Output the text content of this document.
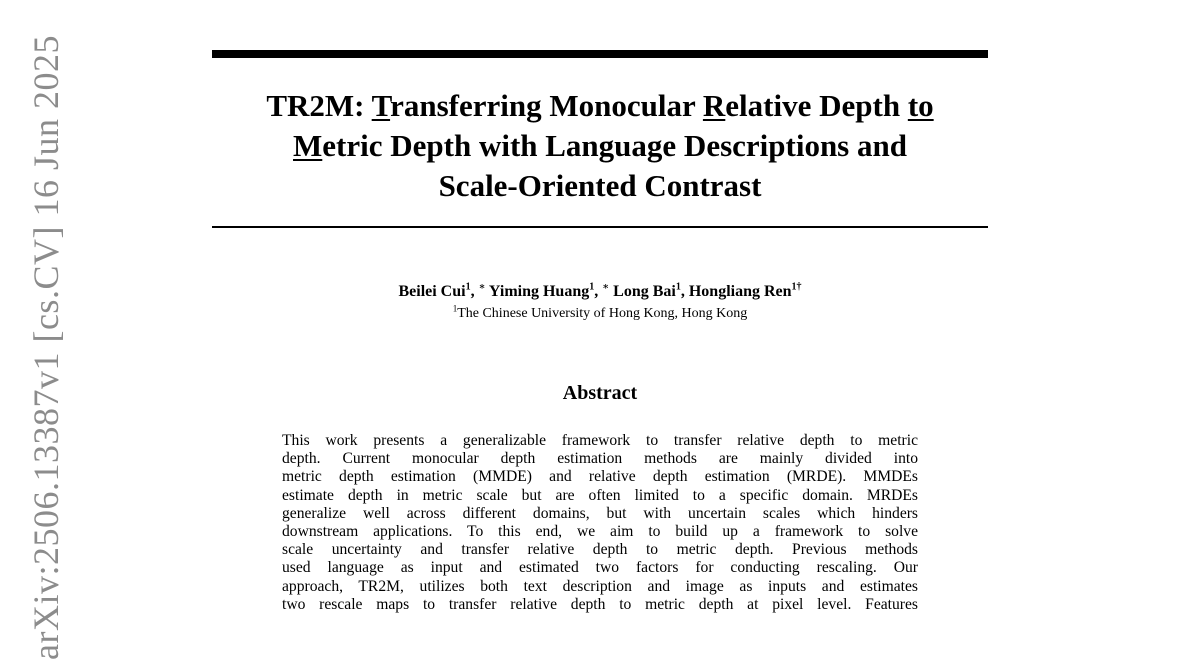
TR2M: Transferring Monocular Relative Depth to
Metric Depth with Language Descriptions and
Scale-Oriented Contrast
Beilei Cui$^1$, ∗ Yiming Huang$^1$, ∗ Long Bai$^1$, Hongliang Ren$^{1\dagger}$
$^1$The Chinese University of Hong Kong, Hong Kong
Abstract

This work presents a generalizable framework to transfer relative depth to metric
depth. Current monocular depth estimation methods are mainly divided into
metric depth estimation (MMDE) and relative depth estimation (MRDE). MMDEs
estimate depth in metric scale but are often limited to a specific domain. MRDEs
generalize well across different domains, but with uncertain scales which hinders
downstream applications. To this end, we aim to build up a framework to solve
scale uncertainty and transfer relative depth to metric depth. Previous methods
used language as input and estimated two factors for conducting rescaling. Our
approach, TR2M, utilizes both text description and image as inputs and estimates
two rescale maps to transfer relative depth to metric depth at pixel level. Features

arXiv:2506.13387v1 [cs.CV] 16 Jun 2025
